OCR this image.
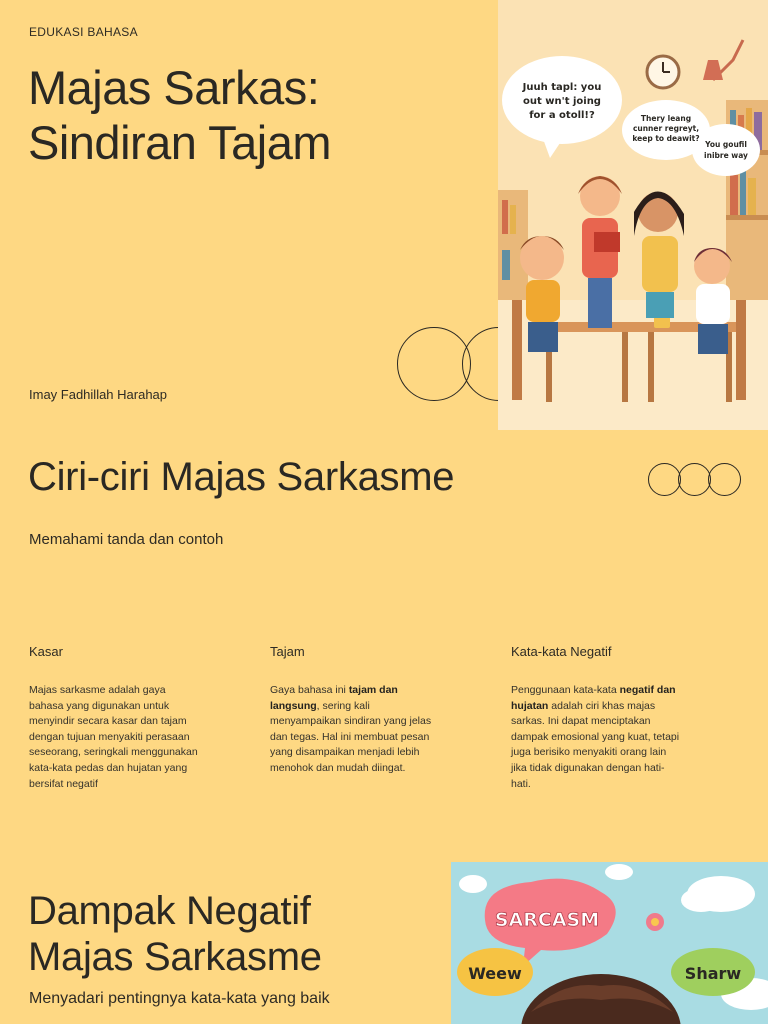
EDUKASI BAHASA
Majas Sarkas:
Sindiran Tajam
Imay Fadhillah Harahap
Juuh tapl: you
out wn't joing
for a otoll!?	Thery leang
cunner regreyt,
keep to deawit?
You goufil
inibre way
Ciri-ciri Majas Sarkasme
Memahami tanda dan contoh
Kasar
Majas sarkasme adalah gaya bahasa yang digunakan untuk menyindir secara kasar dan tajam dengan tujuan menyakiti perasaan seseorang, seringkali menggunakan kata-kata pedas dan hujatan yang bersifat negatif
Tajam
Gaya bahasa ini tajam dan langsung, sering kali menyampaikan sindiran yang jelas dan tegas. Hal ini membuat pesan yang disampaikan menjadi lebih menohok dan mudah diingat.
Kata-kata Negatif
Penggunaan kata-kata negatif dan hujatan adalah ciri khas majas sarkas. Ini dapat menciptakan dampak emosional yang kuat, tetapi juga berisiko menyakiti orang lain jika tidak digunakan dengan hati-hati.
Dampak Negatif
Majas Sarkasme
Menyadari pentingnya kata-kata yang baik
SARCASM
Weew	Sharw
